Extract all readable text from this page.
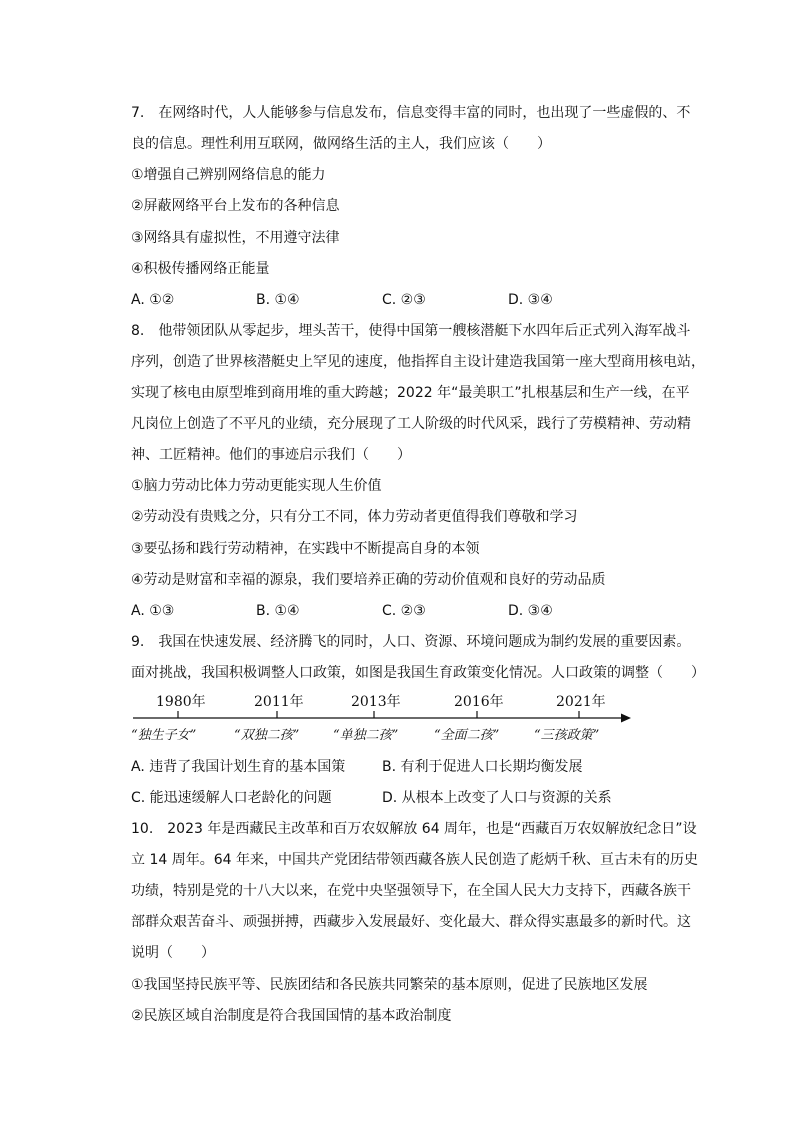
7.　在网络时代，人人能够参与信息发布，信息变得丰富的同时，也出现了一些虚假的、不
良的信息。理性利用互联网，做网络生活的主人，我们应该（　　）
①增强自己辨别网络信息的能力
②屏蔽网络平台上发布的各种信息
③网络具有虚拟性，不用遵守法律
④积极传播网络正能量
A. ①②	B. ①④	C. ②③	D. ③④
8.　他带领团队从零起步，埋头苦干，使得中国第一艘核潜艇下水四年后正式列入海军战斗
序列，创造了世界核潜艇史上罕见的速度，他指挥自主设计建造我国第一座大型商用核电站，
实现了核电由原型堆到商用堆的重大跨越；2022 年“最美职工”扎根基层和生产一线，在平
凡岗位上创造了不平凡的业绩，充分展现了工人阶级的时代风采，践行了劳模精神、劳动精
神、工匠精神。他们的事迹启示我们（　　）
①脑力劳动比体力劳动更能实现人生价值
②劳动没有贵贱之分，只有分工不同，体力劳动者更值得我们尊敬和学习
③要弘扬和践行劳动精神，在实践中不断提高自身的本领
④劳动是财富和幸福的源泉，我们要培养正确的劳动价值观和良好的劳动品质
A. ①③	B. ①④	C. ②③	D. ③④
9.　我国在快速发展、经济腾飞的同时，人口、资源、环境问题成为制约发展的重要因素。
面对挑战，我国积极调整人口政策，如图是我国生育政策变化情况。人口政策的调整（　　）
1980年	2011年	2013年	2016年	2021年
“独生子女”	“双独二孩”	“单独二孩”	“全面二孩”	“三孩政策”
A. 违背了我国计划生育的基本国策	B. 有利于促进人口长期均衡发展
C. 能迅速缓解人口老龄化的问题	D. 从根本上改变了人口与资源的关系
10.　2023 年是西藏民主改革和百万农奴解放 64 周年，也是“西藏百万农奴解放纪念日”设
立 14 周年。64 年来，中国共产党团结带领西藏各族人民创造了彪炳千秋、亘古未有的历史
功绩，特别是党的十八大以来，在党中央坚强领导下，在全国人民大力支持下，西藏各族干
部群众艰苦奋斗、顽强拼搏，西藏步入发展最好、变化最大、群众得实惠最多的新时代。这
说明（　　）
①我国坚持民族平等、民族团结和各民族共同繁荣的基本原则，促进了民族地区发展
②民族区域自治制度是符合我国国情的基本政治制度
